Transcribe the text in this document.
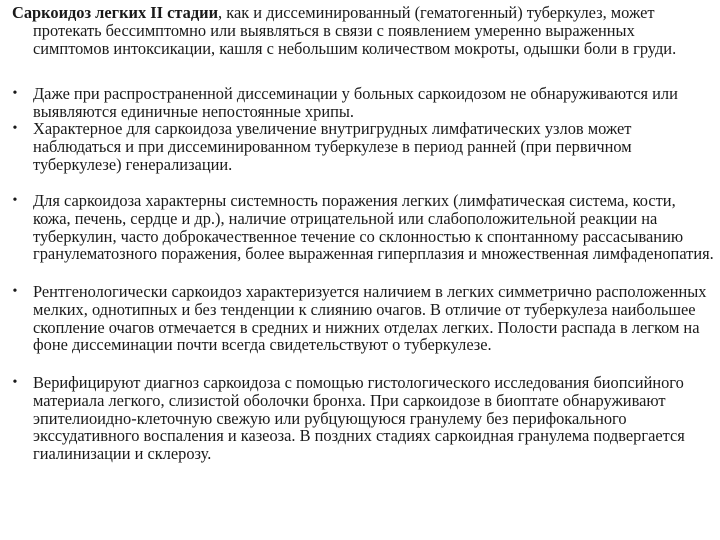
Саркоидоз легких II стадии, как и диссеминированный (гематогенный) туберкулез, может протекать бессимптомно или выявляться в связи с появлением умеренно выраженных симптомов интоксикации, кашля с небольшим количеством мокроты, одышки боли в груди.

• Даже при распространенной диссеминации у больных саркоидозом не обнаруживаются или выявляются единичные непостоянные хрипы.

• Характерное для саркоидоза увеличение внутригрудных лимфатических узлов может наблюдаться и при диссеминированном туберкулезе в период ранней (при первичном туберкулезе) генерализации.

• Для саркоидоза характерны системность поражения легких (лимфатическая система, кости, кожа, печень, сердце и др.), наличие отрицательной или слабоположительной реакции на туберкулин, часто доброкачественное течение со склонностью к спонтанному рассасыванию гранулематозного поражения, более выраженная гиперплазия и множественная лимфаденопатия.

• Рентгенологически саркоидоз характеризуется наличием в легких симметрично расположенных мелких, однотипных и без тенденции к слиянию очагов. В отличие от туберкулеза наибольшее скопление очагов отмечается в средних и нижних отделах легких. Полости распада в легком на фоне диссеминации почти всегда свидетельствуют о туберкулезе.

• Верифицируют диагноз саркоидоза с помощью гистологического исследования биопсийного материала легкого, слизистой оболочки бронха. При саркоидозе в биоптате обнаруживают эпителиоидно-клеточную свежую или рубцующуюся гранулему без перифокального экссудативного воспаления и казеоза. В поздних стадиях саркоидная гранулема подвергается гиалинизации и склерозу.
